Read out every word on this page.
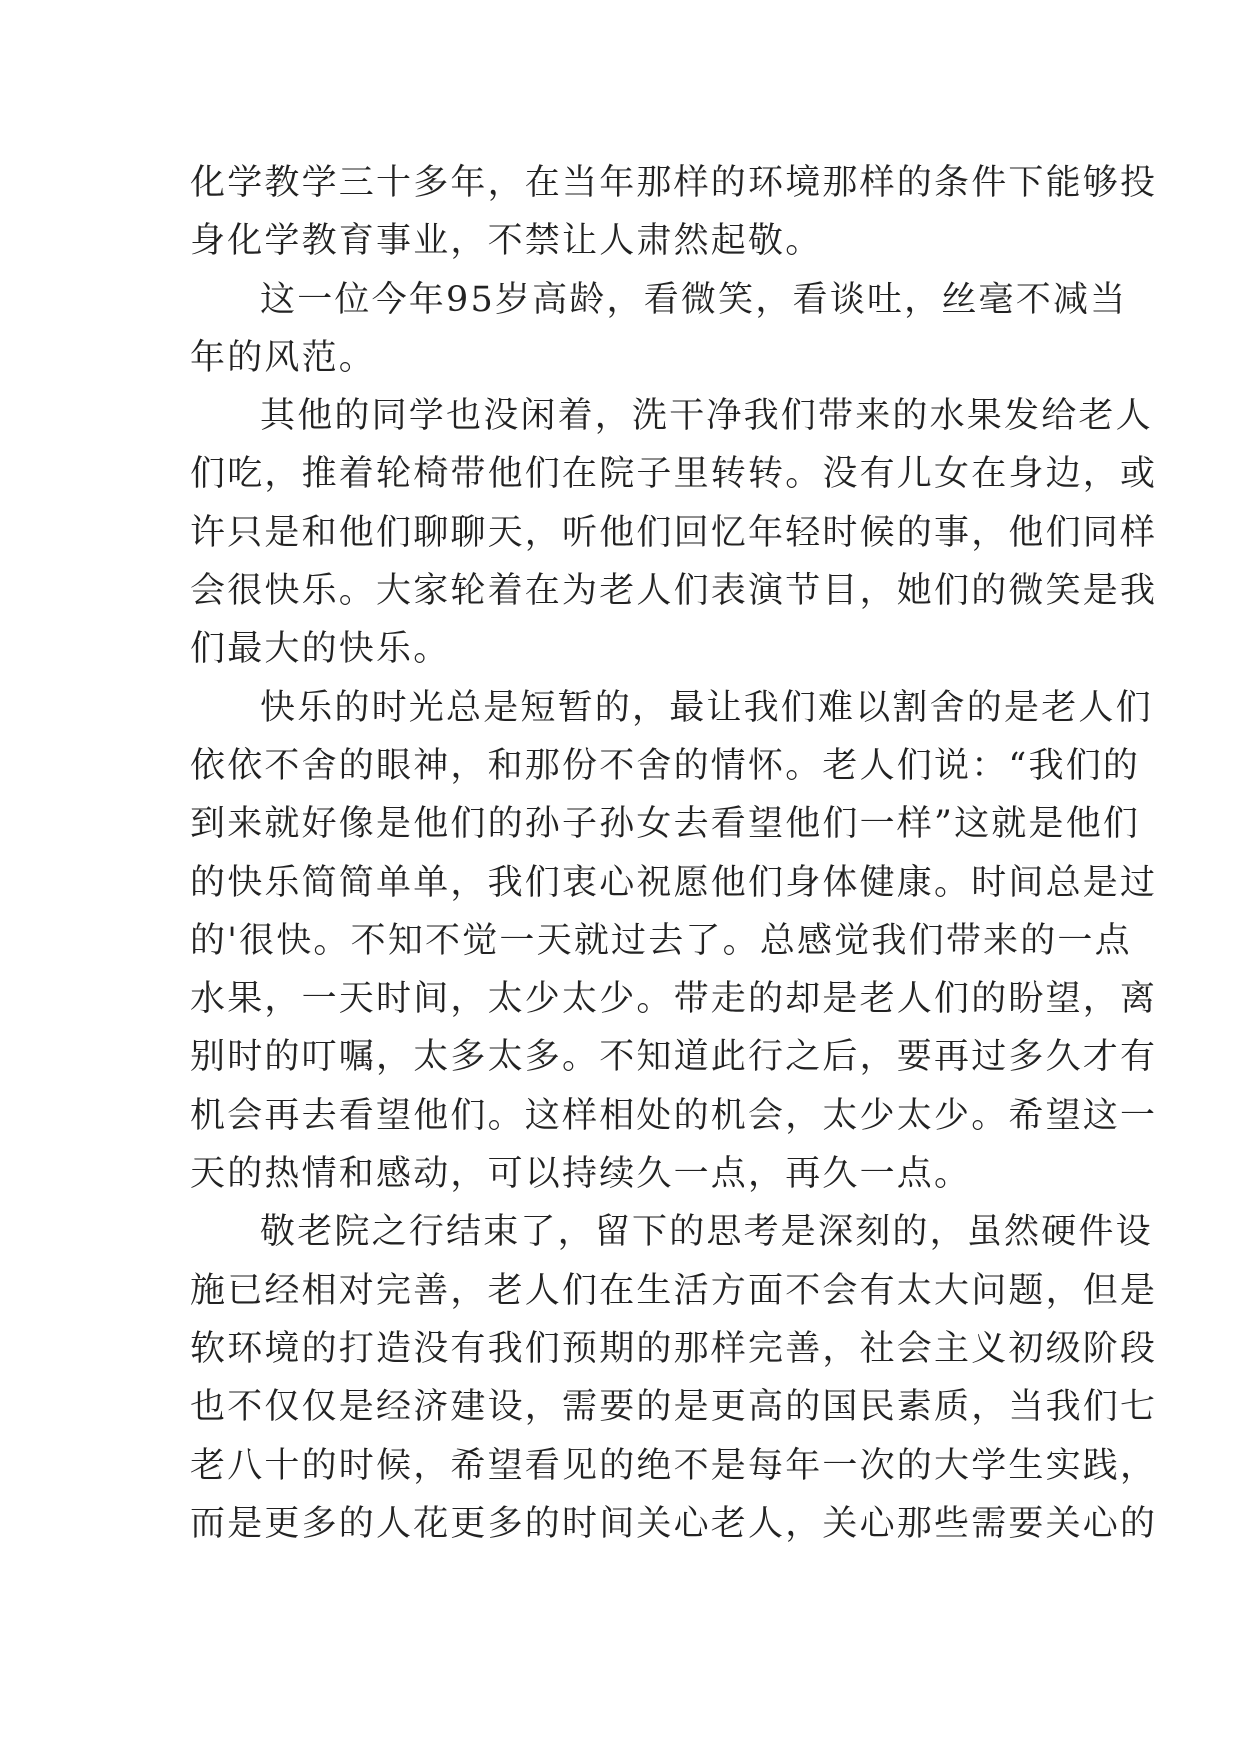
化学教学三十多年，在当年那样的环境那样的条件下能够投
身化学教育事业，不禁让人肃然起敬。
这一位今年95岁高龄，看微笑，看谈吐，丝毫不减当
年的风范。
其他的同学也没闲着，洗干净我们带来的水果发给老人
们吃，推着轮椅带他们在院子里转转。没有儿女在身边，或
许只是和他们聊聊天，听他们回忆年轻时候的事，他们同样
会很快乐。大家轮着在为老人们表演节目，她们的微笑是我
们最大的快乐。
快乐的时光总是短暂的，最让我们难以割舍的是老人们
依依不舍的眼神，和那份不舍的情怀。老人们说：“我们的
到来就好像是他们的孙子孙女去看望他们一样”这就是他们
的快乐简简单单，我们衷心祝愿他们身体健康。时间总是过
的'很快。不知不觉一天就过去了。总感觉我们带来的一点
水果，一天时间，太少太少。带走的却是老人们的盼望，离
别时的叮嘱，太多太多。不知道此行之后，要再过多久才有
机会再去看望他们。这样相处的机会，太少太少。希望这一
天的热情和感动，可以持续久一点，再久一点。
敬老院之行结束了，留下的思考是深刻的，虽然硬件设
施已经相对完善，老人们在生活方面不会有太大问题，但是
软环境的打造没有我们预期的那样完善，社会主义初级阶段
也不仅仅是经济建设，需要的是更高的国民素质，当我们七
老八十的时候，希望看见的绝不是每年一次的大学生实践，
而是更多的人花更多的时间关心老人，关心那些需要关心的
